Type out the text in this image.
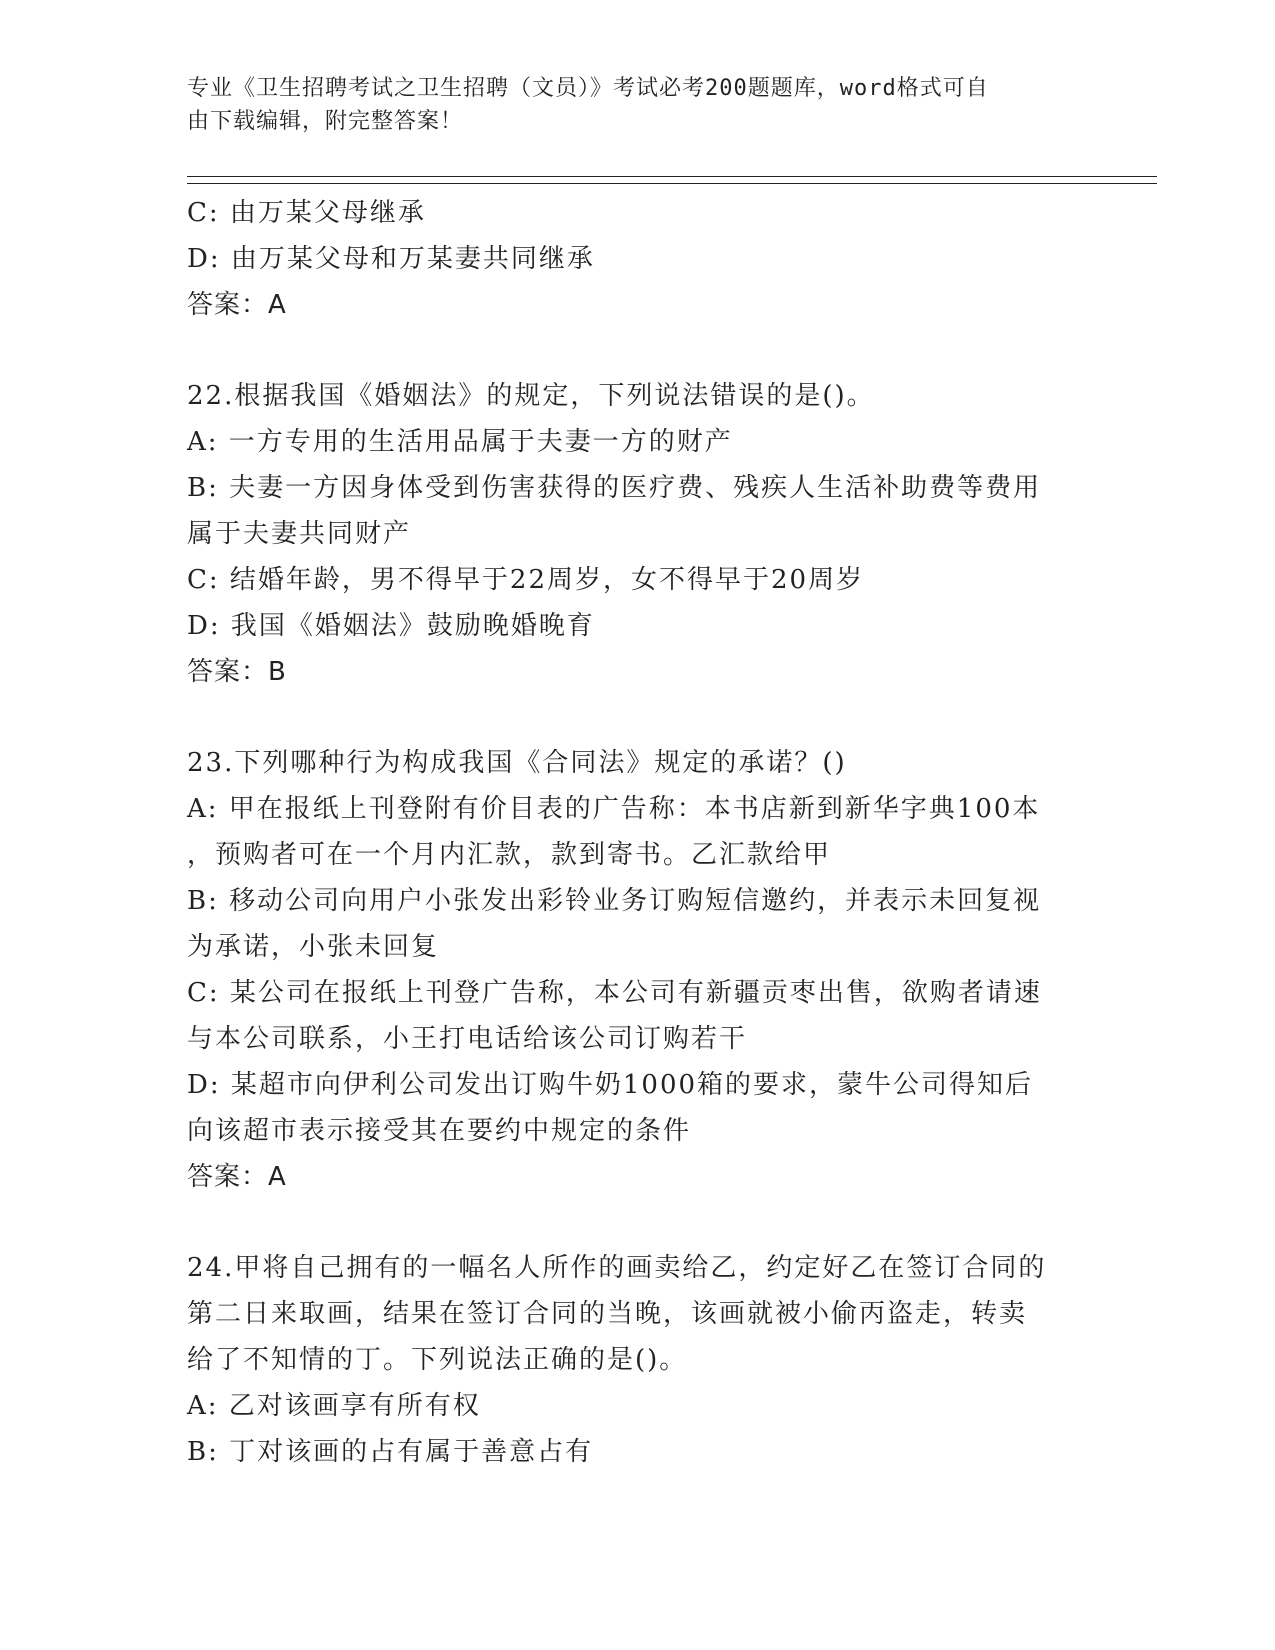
专业《卫生招聘考试之卫生招聘（文员）》考试必考200题题库，word格式可自
由下载编辑，附完整答案！
C: 由万某父母继承
D: 由万某父母和万某妻共同继承
答案：A
22.根据我国《婚姻法》的规定，下列说法错误的是()。
A: 一方专用的生活用品属于夫妻一方的财产
B: 夫妻一方因身体受到伤害获得的医疗费、残疾人生活补助费等费用
属于夫妻共同财产
C: 结婚年龄，男不得早于22周岁，女不得早于20周岁
D: 我国《婚姻法》鼓励晚婚晚育
答案：B
23.下列哪种行为构成我国《合同法》规定的承诺？()
A: 甲在报纸上刊登附有价目表的广告称：本书店新到新华字典100本
，预购者可在一个月内汇款，款到寄书。乙汇款给甲
B: 移动公司向用户小张发出彩铃业务订购短信邀约，并表示未回复视
为承诺，小张未回复
C: 某公司在报纸上刊登广告称，本公司有新疆贡枣出售，欲购者请速
与本公司联系，小王打电话给该公司订购若干
D: 某超市向伊利公司发出订购牛奶1000箱的要求，蒙牛公司得知后
向该超市表示接受其在要约中规定的条件
答案：A
24.甲将自己拥有的一幅名人所作的画卖给乙，约定好乙在签订合同的
第二日来取画，结果在签订合同的当晚，该画就被小偷丙盗走，转卖
给了不知情的丁。下列说法正确的是()。
A: 乙对该画享有所有权
B: 丁对该画的占有属于善意占有
